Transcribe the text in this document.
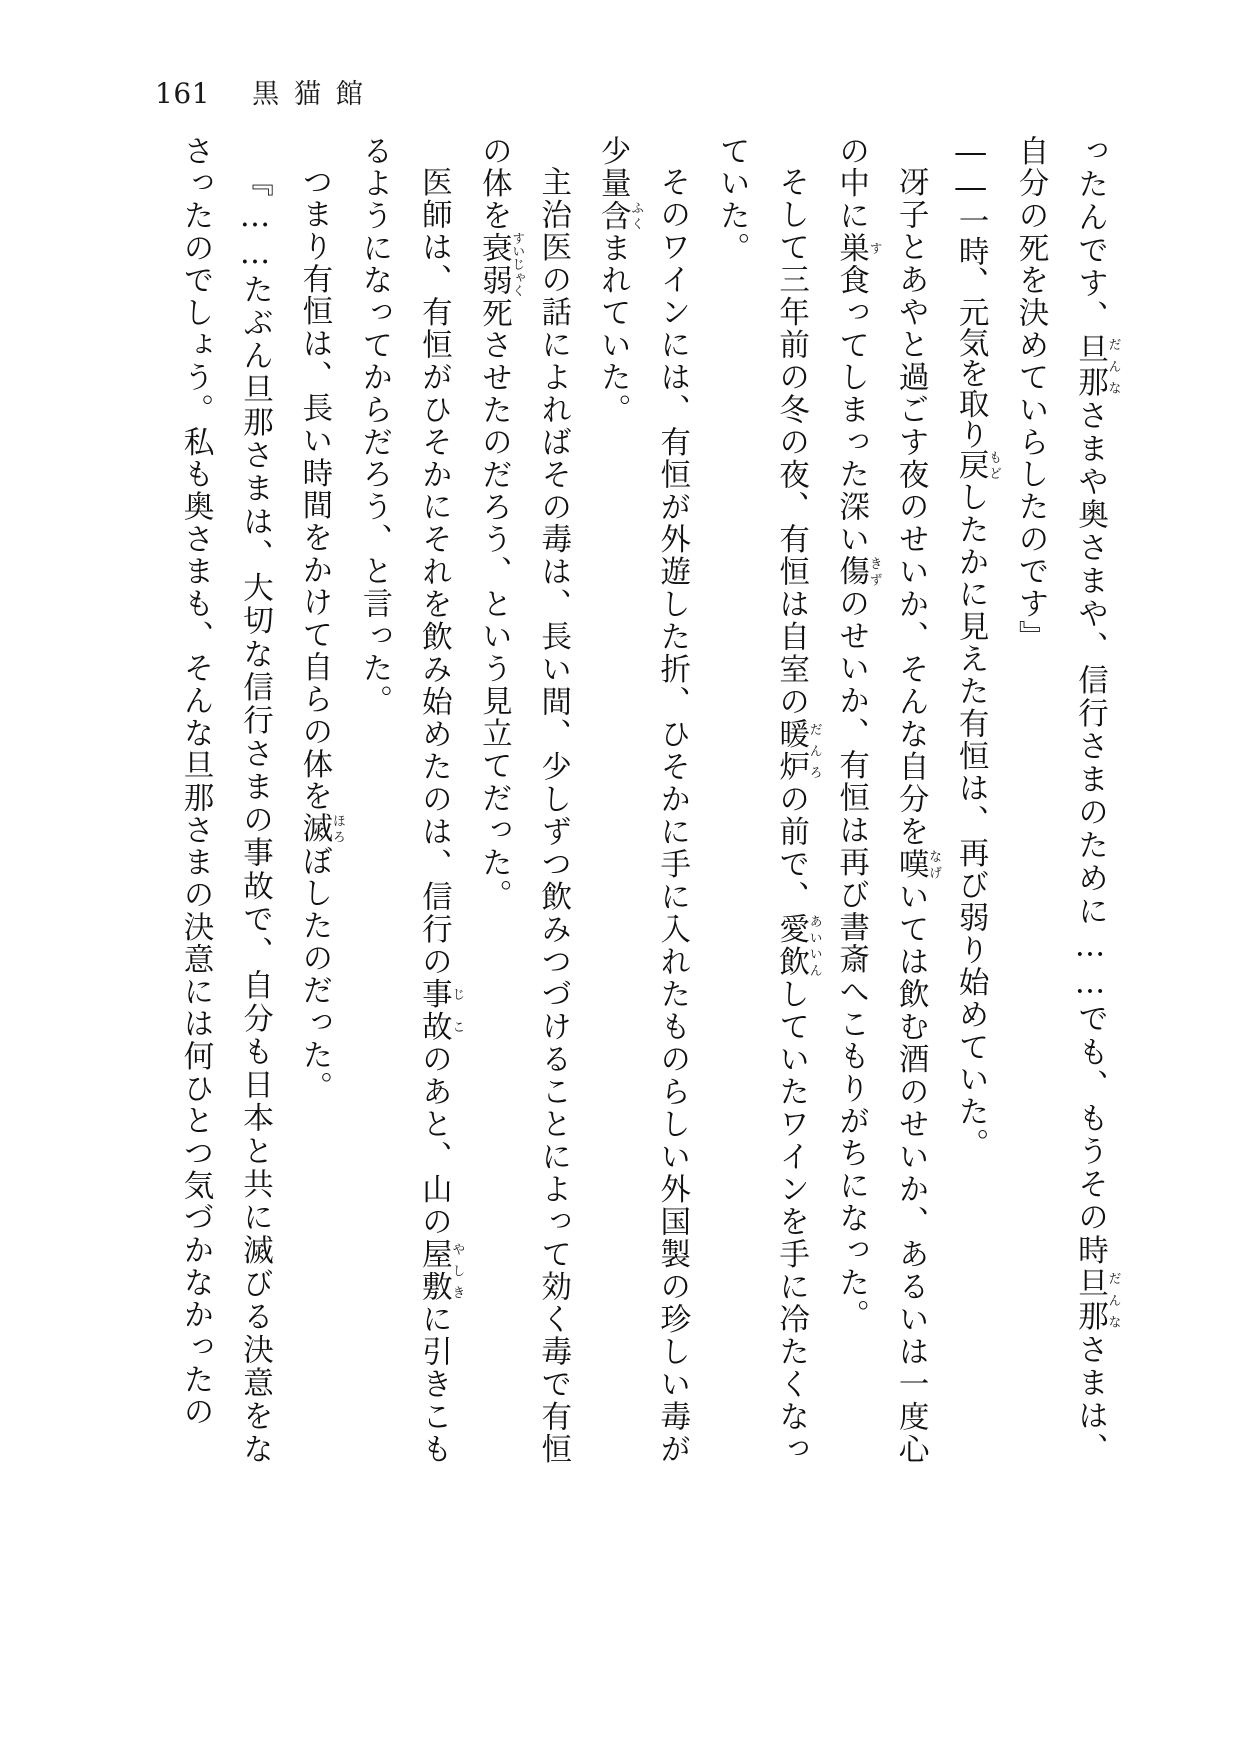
161 黒猫館

ったんです、旦那だんなさまや奥さまや、信行さまのために……でも、もうその時旦那だんなさまは、自分の死を決めていらしたのです』

――一時、元気を取り戻もどしたかに見えた有恒は、再び弱り始めていた。

冴子とあやと過ごす夜のせいか、そんな自分を嘆なげいては飲む酒のせいか、あるいは一度心の中に巣す食ってしまった深い傷きずのせいか、有恒は再び書斎へこもりがちになった。

そして三年前の冬の夜、有恒は自室の暖炉だんろの前で、愛飲あいいんしていたワインを手に冷たくなっていた。

そのワインには、有恒が外遊した折、ひそかに手に入れたものらしい外国製の珍しい毒が少量含ふくまれていた。

主治医の話によればその毒は、長い間、少しずつ飲みつづけることによって効く毒で有恒の体を衰弱すいじゃく死させたのだろう、という見立てだった。

医師は、有恒がひそかにそれを飲み始めたのは、信行の事故じこのあと、山の屋敷やしきに引きこもるようになってからだろう、と言った。

つまり有恒は、長い時間をかけて自らの体を滅ほろぼしたのだった。

『……たぶん旦那さまは、大切な信行さまの事故で、自分も日本と共に滅びる決意をなさったのでしょう。私も奥さまも、そんな旦那さまの決意には何ひとつ気づかなかったの
